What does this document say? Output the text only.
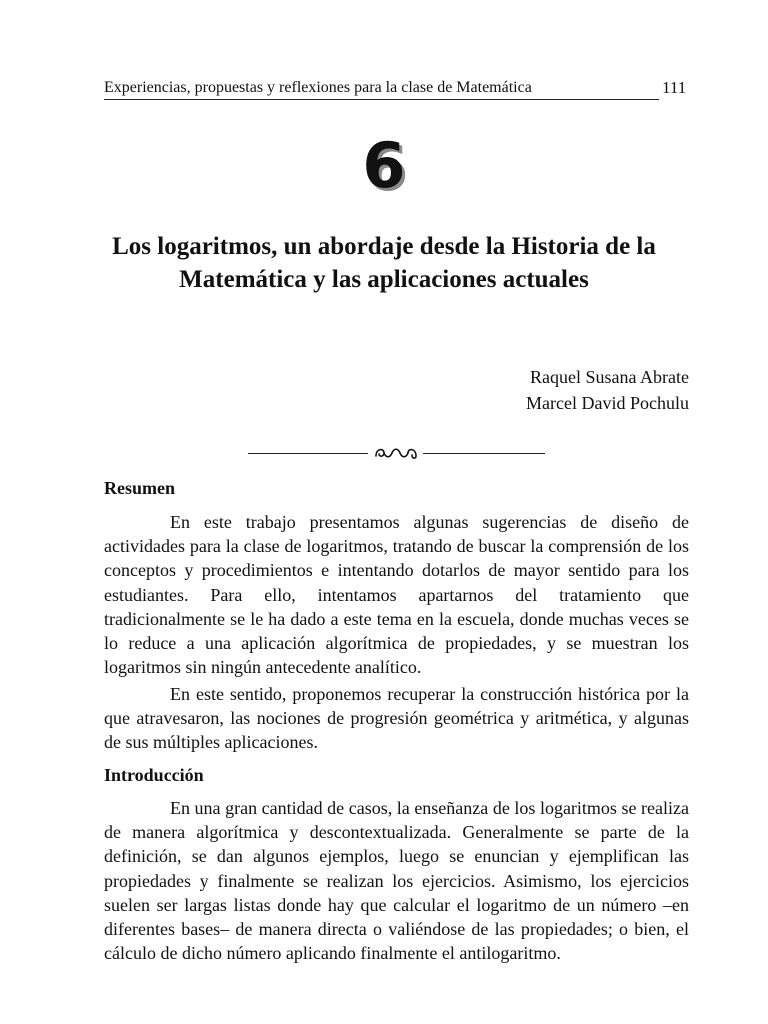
Experiencias, propuestas y reflexiones para la clase de Matemática	111
6
Los logaritmos, un abordaje desde la Historia de la Matemática y las aplicaciones actuales
Raquel Susana Abrate
Marcel David Pochulu
Resumen

En este trabajo presentamos algunas sugerencias de diseño de actividades para la clase de logaritmos, tratando de buscar la comprensión de los conceptos y procedimientos e intentando dotarlos de mayor sentido para los estudiantes. Para ello, intentamos apartarnos del tratamiento que tradicionalmente se le ha dado a este tema en la escuela, donde muchas veces se lo reduce a una aplicación algorítmica de propiedades, y se muestran los logaritmos sin ningún antecedente analítico.

En este sentido, proponemos recuperar la construcción histórica por la que atravesaron, las nociones de progresión geométrica y aritmética, y algunas de sus múltiples aplicaciones.

Introducción

En una gran cantidad de casos, la enseñanza de los logaritmos se realiza de manera algorítmica y descontextualizada. Generalmente se parte de la definición, se dan algunos ejemplos, luego se enuncian y ejemplifican las propiedades y finalmente se realizan los ejercicios. Asimismo, los ejercicios suelen ser largas listas donde hay que calcular el logaritmo de un número –en diferentes bases– de manera directa o valiéndose de las propiedades; o bien, el cálculo de dicho número aplicando finalmente el antilogaritmo.
